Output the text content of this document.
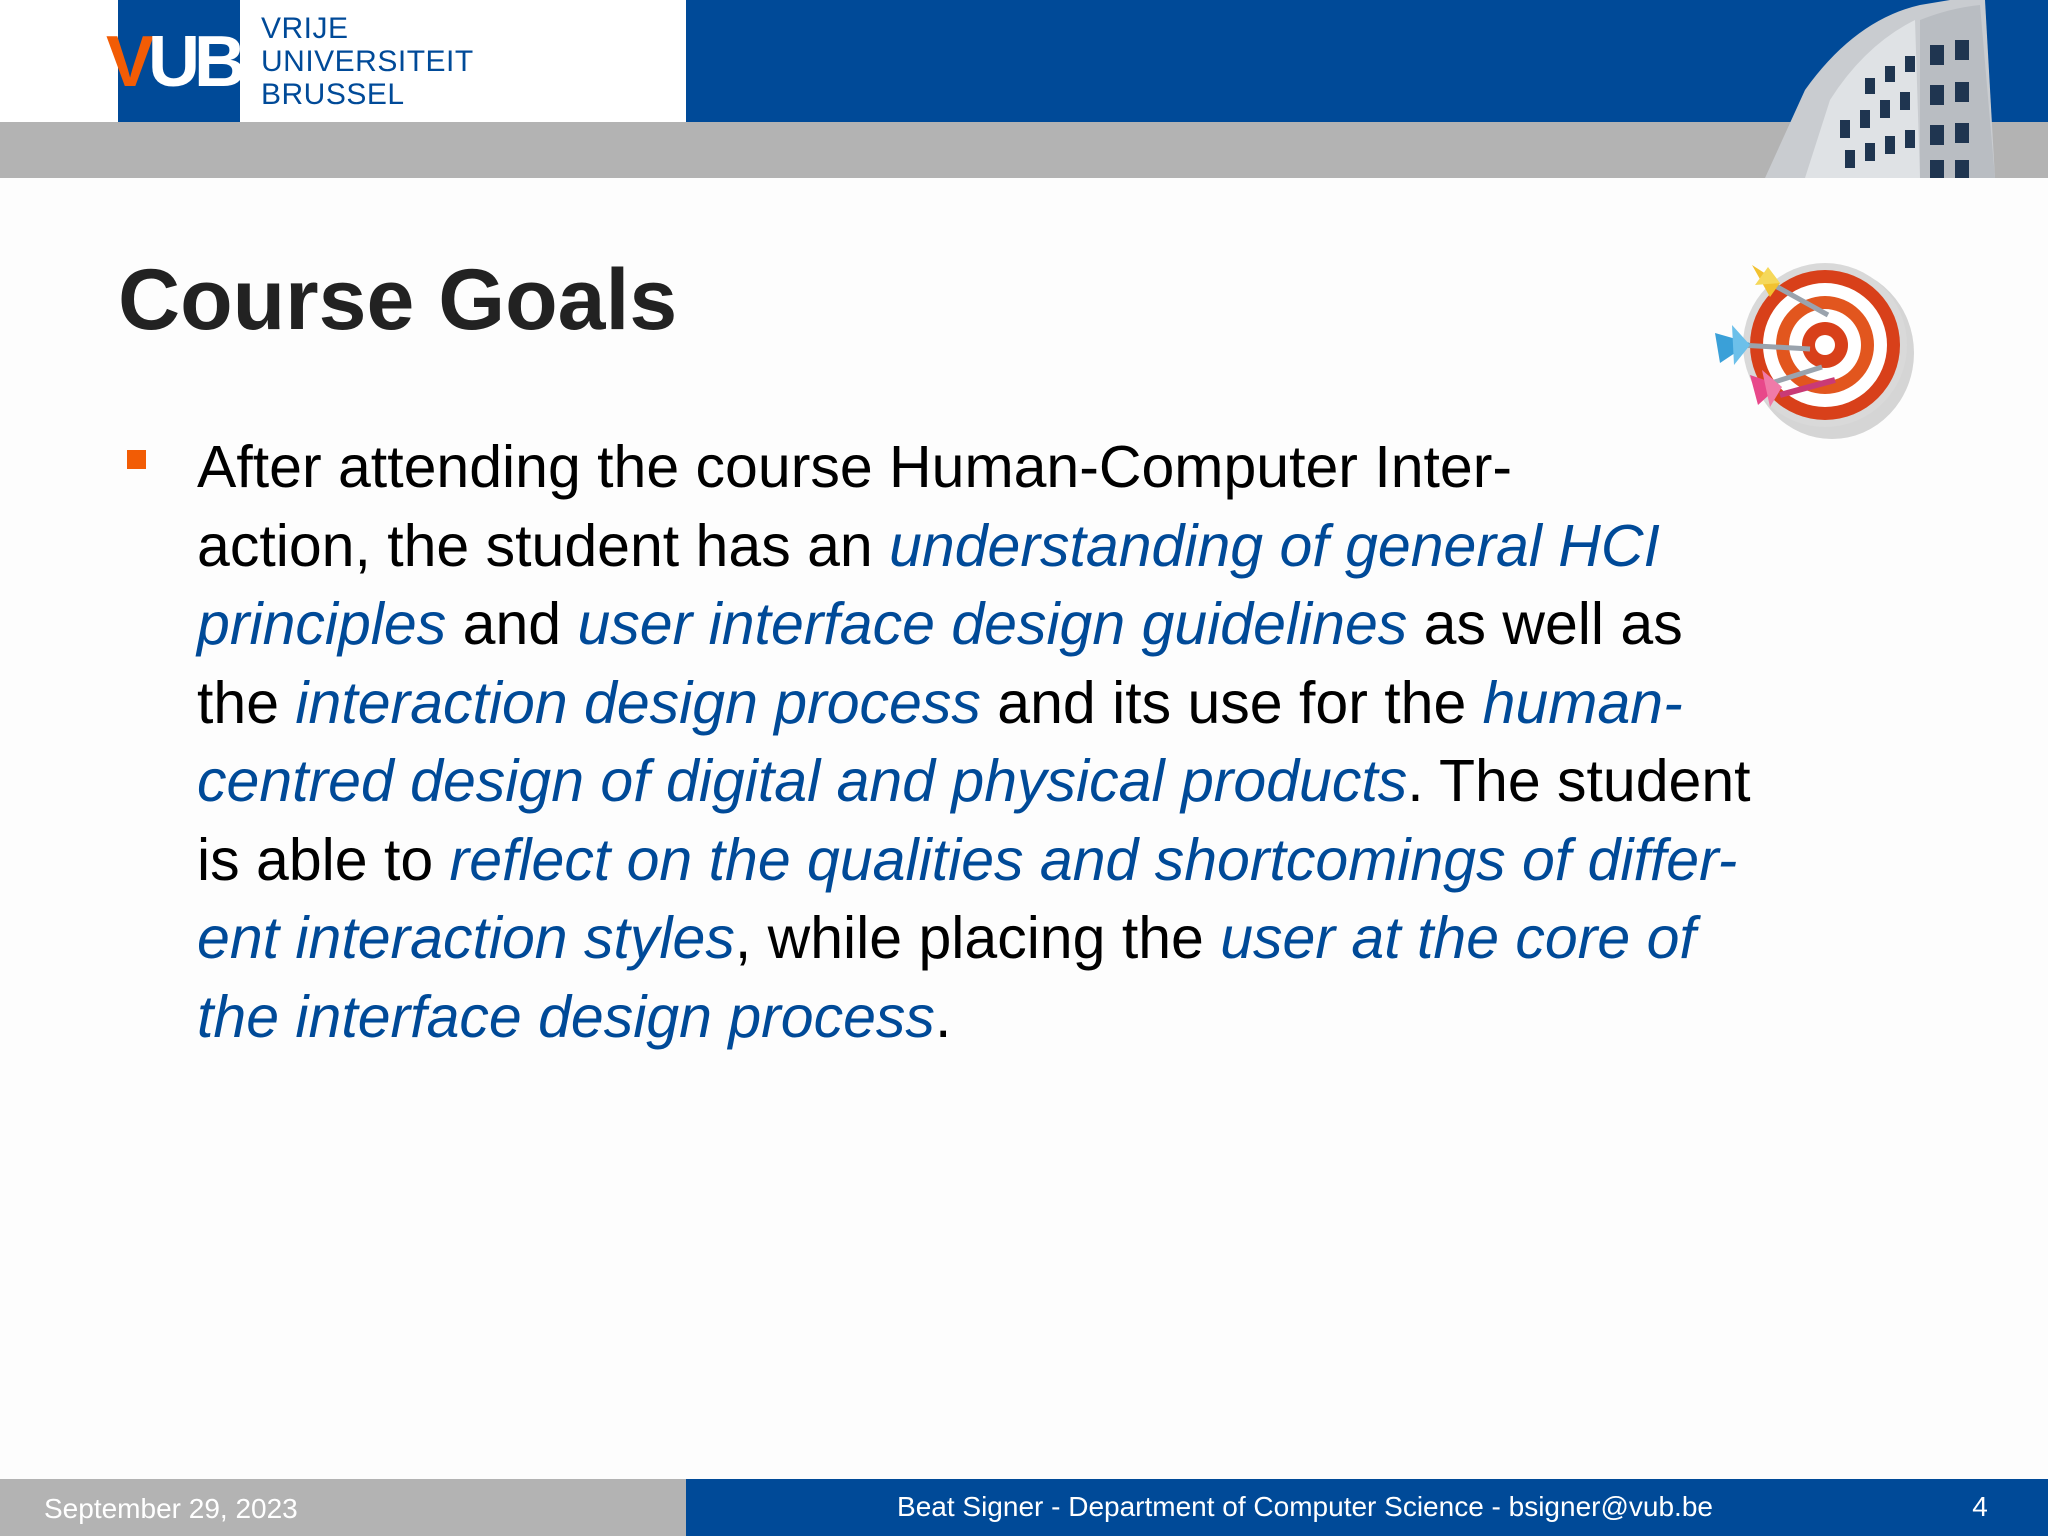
VUB VRIJE
UNIVERSITEIT
BRUSSEL
Course Goals
After attending the course Human-Computer Inter-
action, the student has an understanding of general HCI
principles and user interface design guidelines as well as
the interaction design process and its use for the human-
centred design of digital and physical products. The student
is able to reflect on the qualities and shortcomings of differ-
ent interaction styles, while placing the user at the core of
the interface design process.
September 29, 2023	Beat Signer - Department of Computer Science - bsigner@vub.be	4
